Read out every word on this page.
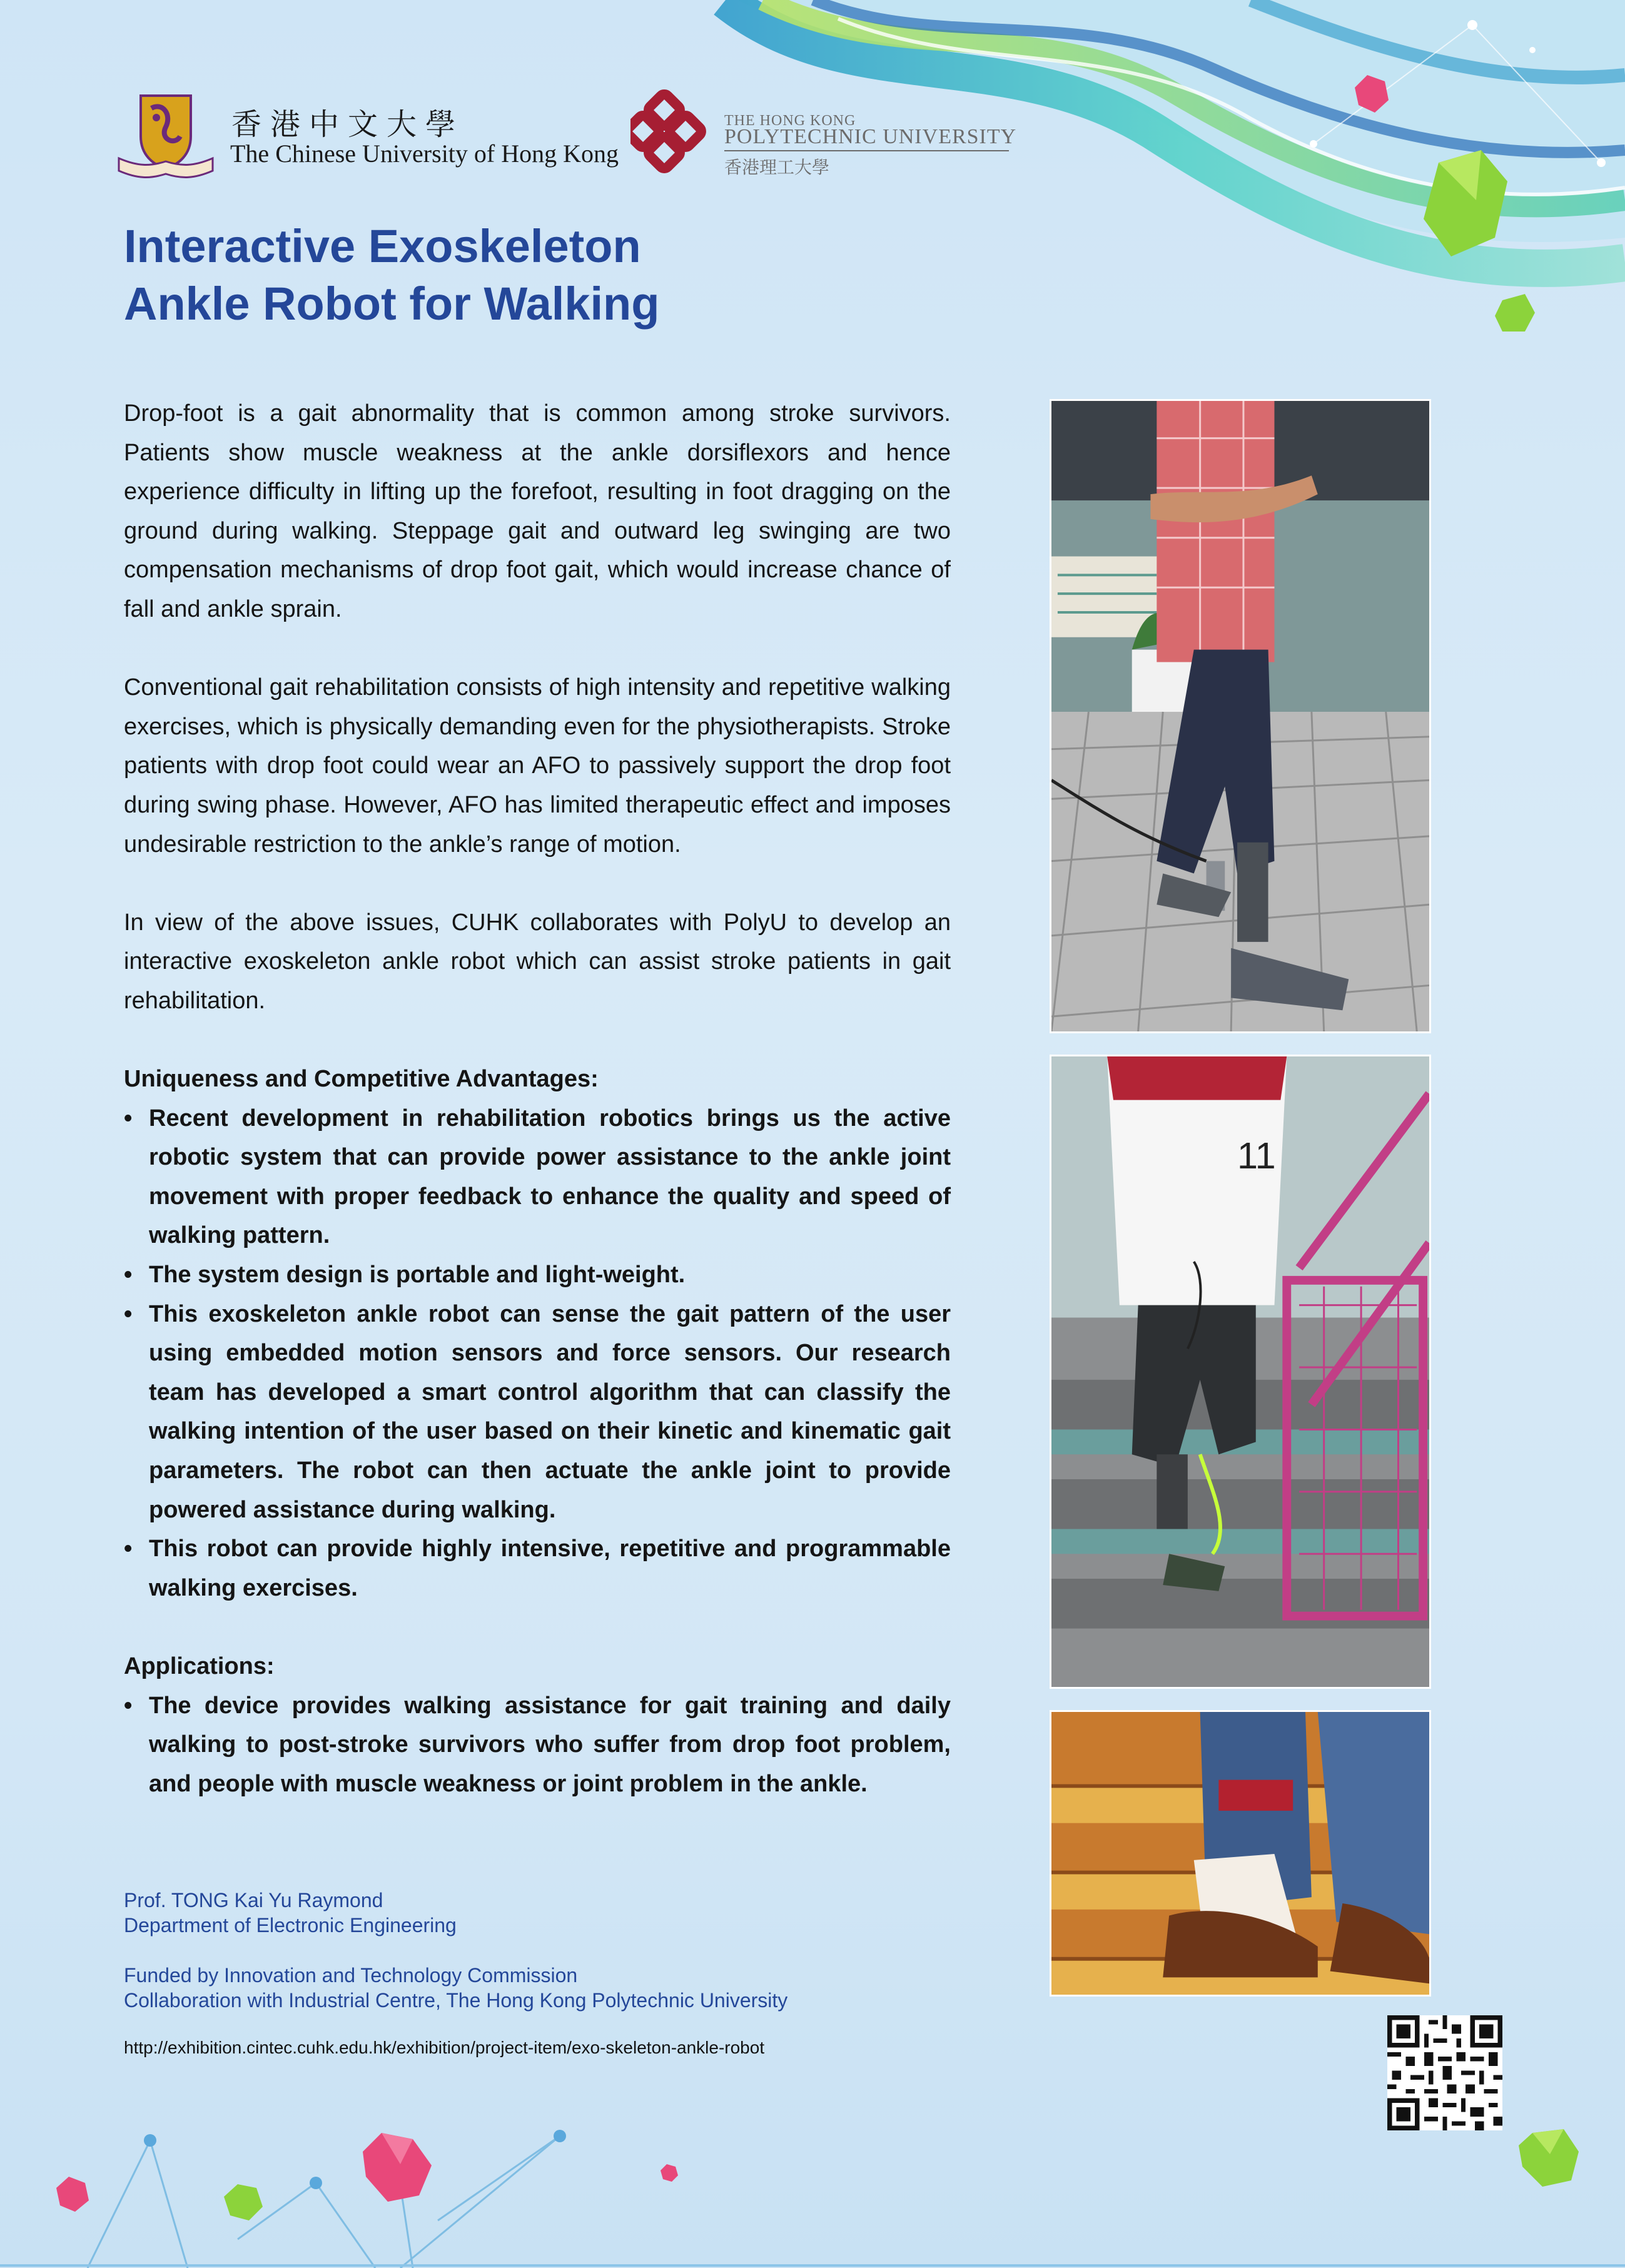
香港中文大學
The Chinese University of Hong Kong
THE HONG KONG
POLYTECHNIC UNIVERSITY
香港理工大學
Interactive Exoskeleton
Ankle Robot for Walking

Drop-foot is a gait abnormality that is common among stroke survivors. Patients show muscle weakness at the ankle dorsiflexors and hence experience difficulty in lifting up the forefoot, resulting in foot dragging on the ground during walking. Steppage gait and outward leg swinging are two compensation mechanisms of drop foot gait, which would increase chance of fall and ankle sprain.

Conventional gait rehabilitation consists of high intensity and repetitive walking exercises, which is physically demanding even for the physiotherapists. Stroke patients with drop foot could wear an AFO to passively support the drop foot during swing phase. However, AFO has limited therapeutic effect and imposes undesirable restriction to the ankle’s range of motion.

In view of the above issues, CUHK collaborates with PolyU to develop an interactive exoskeleton ankle robot which can assist stroke patients in gait rehabilitation.

Uniqueness and Competitive Advantages:

• Recent development in rehabilitation robotics brings us the active robotic system that can provide power assistance to the ankle joint movement with proper feedback to enhance the quality and speed of walking pattern.
• The system design is portable and light-weight.
• This exoskeleton ankle robot can sense the gait pattern of the user using embedded motion sensors and force sensors. Our research team has developed a smart control algorithm that can classify the walking intention of the user based on their kinetic and kinematic gait parameters. The robot can then actuate the ankle joint to provide powered assistance during walking.
• This robot can provide highly intensive, repetitive and programmable walking exercises.

Applications:

• The device provides walking assistance for gait training and daily walking to post-stroke survivors who suffer from drop foot problem, and people with muscle weakness or joint problem in the ankle.
Prof. TONG Kai Yu Raymond
Department of Electronic Engineering
Funded by Innovation and Technology Commission
Collaboration with Industrial Centre, The Hong Kong Polytechnic University
http://exhibition.cintec.cuhk.edu.hk/exhibition/project-item/exo-skeleton-ankle-robot
11
